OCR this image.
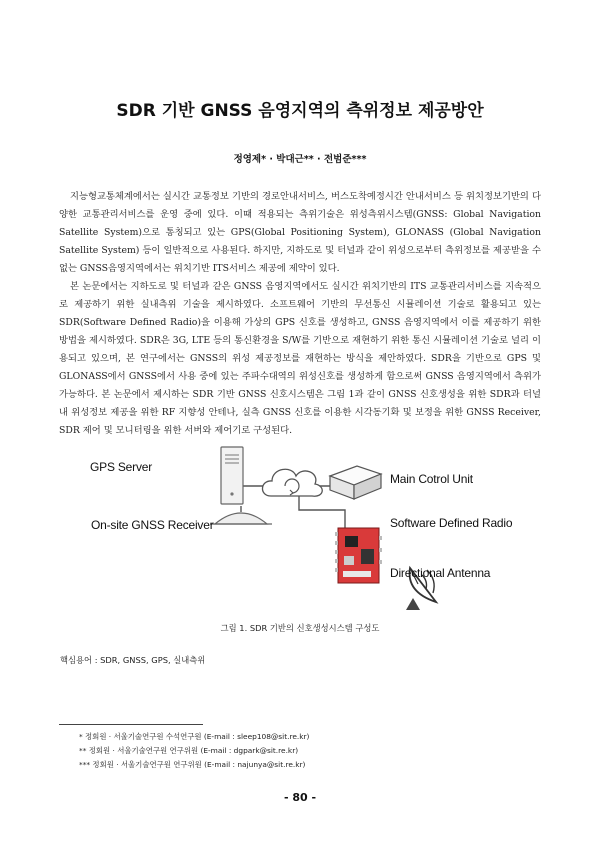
SDR 기반 GNSS 음영지역의 측위정보 제공방안
정영제* · 박대근** · 전범준***

지능형교통체계에서는 실시간 교통정보 기반의 경로안내서비스, 버스도착예정시간 안내서비스 등 위치정보기반의 다양한 교통관리서비스를 운영 중에 있다. 이때 적용되는 측위기술은 위성측위시스템(GNSS: Global Navigation Satellite System)으로 통칭되고 있는 GPS(Global Positioning System), GLONASS (Global Navigation Satellite System) 등이 일반적으로 사용된다. 하지만, 지하도로 및 터널과 같이 위성으로부터 측위정보를 제공받을 수 없는 GNSS음영지역에서는 위치기반 ITS서비스 제공에 제약이 있다.

본 논문에서는 지하도로 및 터널과 같은 GNSS 음영지역에서도 실시간 위치기반의 ITS 교통관리서비스를 지속적으로 제공하기 위한 실내측위 기술을 제시하였다. 소프트웨어 기반의 무선통신 시뮬레이션 기술로 활용되고 있는 SDR(Software Defined Radio)을 이용해 가상의 GPS 신호를 생성하고, GNSS 음영지역에서 이를 제공하기 위한 방법을 제시하였다. SDR은 3G, LTE 등의 통신환경을 S/W를 기반으로 재현하기 위한 통신 시뮬레이션 기술로 널리 이용되고 있으며, 본 연구에서는 GNSS의 위성 제공정보를 재현하는 방식을 제안하였다. SDR을 기반으로 GPS 및 GLONASS에서 GNSS에서 사용 중에 있는 주파수대역의 위성신호를 생성하게 함으로써 GNSS 음영지역에서 측위가 가능하다. 본 논문에서 제시하는 SDR 기반 GNSS 신호시스템은 그림 1과 같이 GNSS 신호생성을 위한 SDR과 터널내 위성정보 제공을 위한 RF 지향성 안테나, 실측 GNSS 신호를 이용한 시각동기화 및 보정을 위한 GNSS Receiver, SDR 제어 및 모니터링을 위한 서버와 제어기로 구성된다.

GPS Server
Main Cotrol Unit
On-site GNSS Receiver	Software Defined Radio
Directional Antenna
그림 1. SDR 기반의 신호생성시스템 구성도
핵심용어 : SDR, GNSS, GPS, 실내측위
* 정회원 · 서울기술연구원 수석연구원 (E-mail : sleep108@sit.re.kr)
** 정회원 · 서울기술연구원 연구위원 (E-mail : dgpark@sit.re.kr)
*** 정회원 · 서울기술연구원 연구위원 (E-mail : najunya@sit.re.kr)
- 80 -
